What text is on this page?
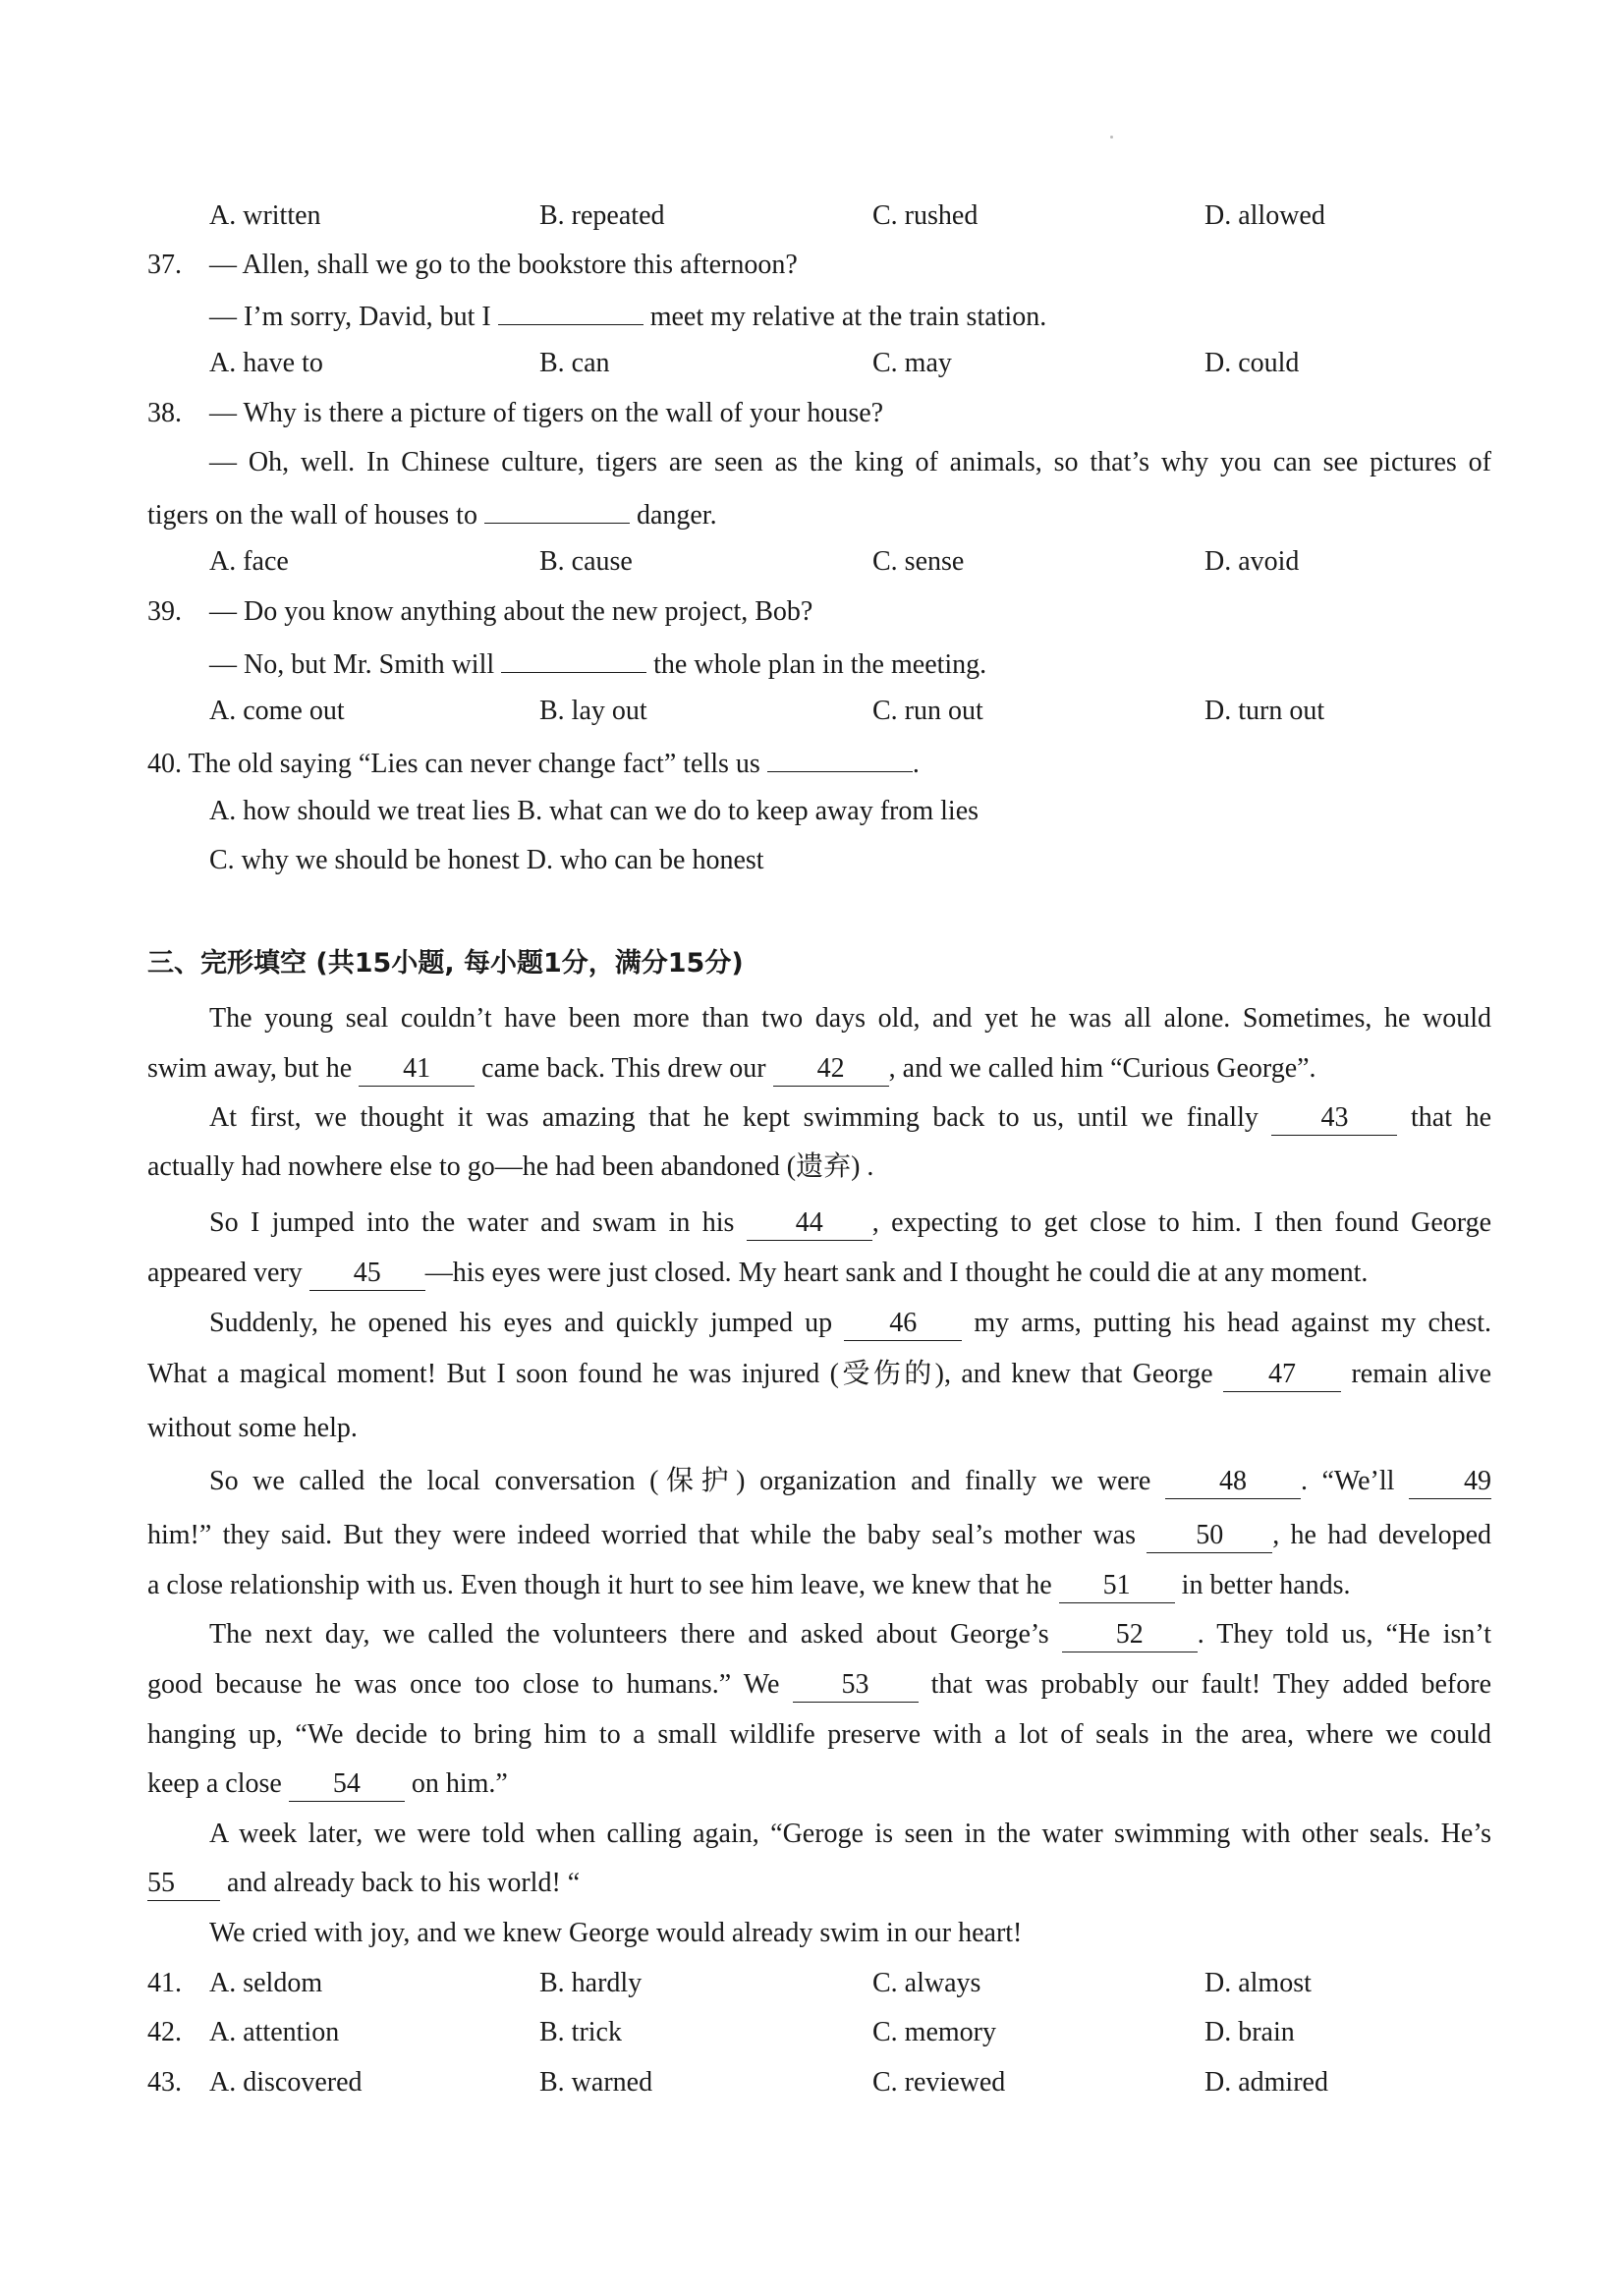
A. written	B. repeated	C. rushed	D. allowed
37. — Allen, shall we go to the bookstore this afternoon?
— I’m sorry, David, but I	meet my relative at the train station.
A. have to	B. can	C. may	D. could
38. — Why is there a picture of tigers on the wall of your house?
— Oh, well. In Chinese culture, tigers are seen as the king of animals, so that’s why you can see pictures of
tigers on the wall of houses to	danger.
A. face	B. cause	C. sense	D. avoid
39. — Do you know anything about the new project, Bob?
— No, but Mr. Smith will	the whole plan in the meeting.
A. come out	B. lay out	C. run out	D. turn out
40. The old saying “Lies can never change fact” tells us	.
A. how should we treat lies B. what can we do to keep away from lies
C. why we should be honest D. who can be honest
三、完形填空 (共15小题, 每小题1分，满分15分)
The young seal couldn’t have been more than two days old, and yet he was all alone. Sometimes, he would
swim away, but he 41 came back. This drew our 42 , and we called him “Curious George”.
At first, we thought it was amazing that he kept swimming back to us, until we finally 43 that he
actually had nowhere else to go—he had been abandoned (遗弃) .
So I jumped into the water and swam in his 44 , expecting to get close to him. I then found George
appeared very 45 —his eyes were just closed. My heart sank and I thought he could die at any moment.
Suddenly, he opened his eyes and quickly jumped up 46 my arms, putting his head against my chest.
What a magical moment! But I soon found he was injured (受伤的), and knew that George 47 remain alive
without some help.
So we called the local conversation (保护) organization and finally we were 48 . “We’ll	49
him!” they said. But they were indeed worried that while the baby seal’s mother was 50 , he had developed
a close relationship with us. Even though it hurt to see him leave, we knew that he 51 in better hands.
The next day, we called the volunteers there and asked about George’s 52 . They told us, “He isn’t
good because he was once too close to humans.” We 53 that was probably our fault! They added before
hanging up, “We decide to bring him to a small wildlife preserve with a lot of seals in the area, where we could
keep a close 54 on him.”
A week later, we were told when calling again, “Geroge is seen in the water swimming with other seals. He’s
55 and already back to his world! “
We cried with joy, and we knew George would already swim in our heart!
41. A. seldom	B. hardly	C. always	D. almost
42. A. attention	B. trick	C. memory	D. brain
43. A. discovered	B. warned	C. reviewed	D. admired
